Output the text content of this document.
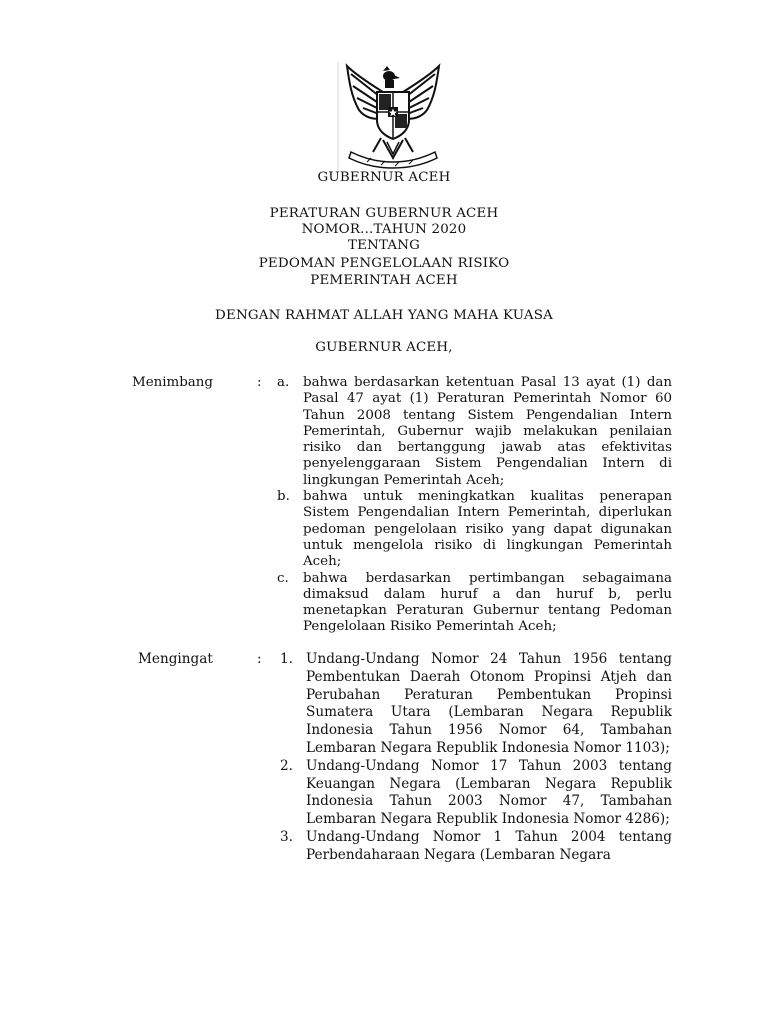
GUBERNUR ACEH
PERATURAN GUBERNUR ACEH
NOMOR...TAHUN 2020
TENTANG
PEDOMAN PENGELOLAAN RISIKO
PEMERINTAH ACEH
DENGAN RAHMAT ALLAH YANG MAHA KUASA
GUBERNUR ACEH,
Menimbang	: a.	bahwa berdasarkan ketentuan Pasal 13 ayat (1) dan Pasal 47 ayat (1) Peraturan Pemerintah Nomor 60 Tahun 2008 tentang Sistem Pengendalian Intern Pemerintah, Gubernur wajib melakukan penilaian risiko dan bertanggung jawab atas efektivitas penyelenggaraan Sistem Pengendalian Intern di lingkungan Pemerintah Aceh;
b. bahwa untuk meningkatkan kualitas penerapan Sistem Pengendalian Intern Pemerintah, diperlukan pedoman pengelolaan risiko yang dapat digunakan untuk mengelola risiko di lingkungan Pemerintah Aceh;
c.	bahwa berdasarkan pertimbangan sebagaimana dimaksud dalam huruf a dan huruf b, perlu menetapkan Peraturan Gubernur tentang Pedoman Pengelolaan Risiko Pemerintah Aceh;
Mengingat	: 1. Undang-Undang Nomor 24 Tahun 1956 tentang Pembentukan Daerah Otonom Propinsi Atjeh dan Perubahan Peraturan Pembentukan Propinsi Sumatera Utara (Lembaran Negara Republik Indonesia Tahun 1956 Nomor 64, Tambahan Lembaran Negara Republik Indonesia Nomor 1103);
2. Undang-Undang Nomor 17 Tahun 2003 tentang Keuangan Negara (Lembaran Negara Republik Indonesia Tahun 2003 Nomor 47, Tambahan Lembaran Negara Republik Indonesia Nomor 4286);
3. Undang-Undang Nomor 1 Tahun 2004 tentang Perbendaharaan Negara (Lembaran Negara
